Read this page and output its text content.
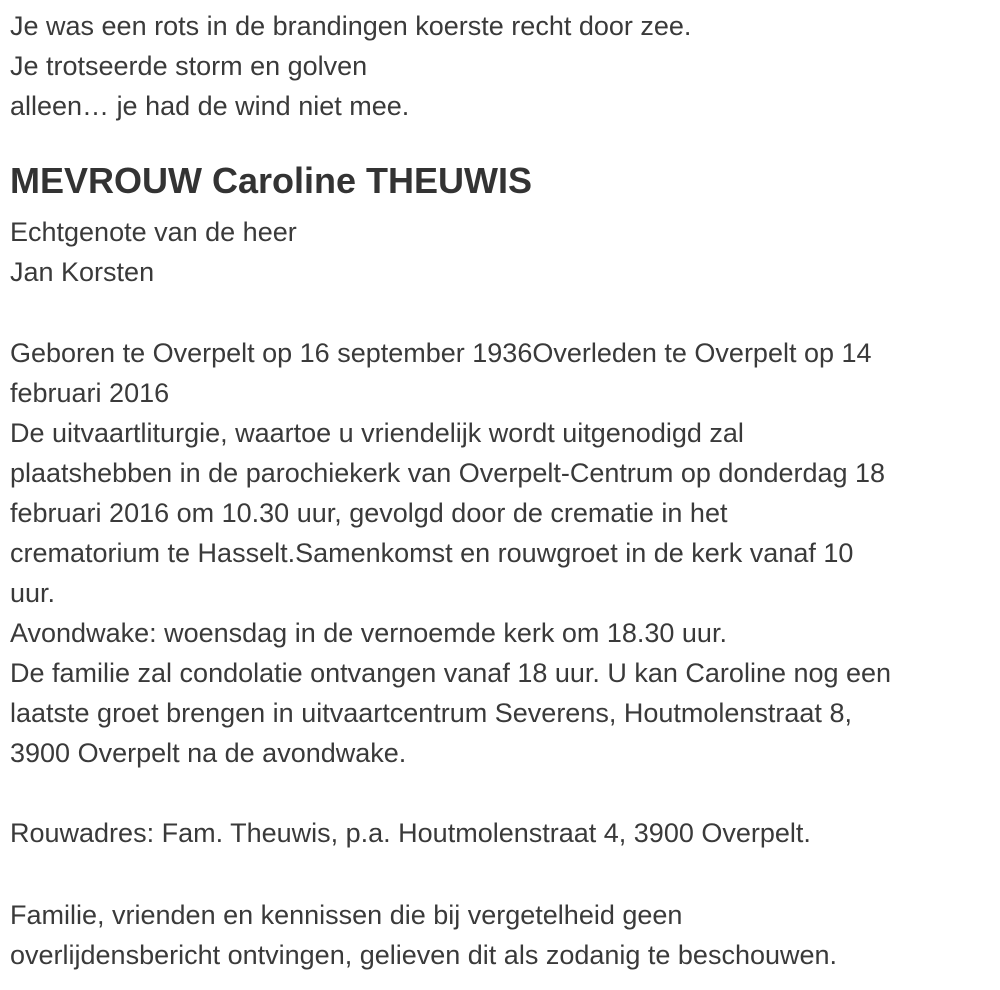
Je was een rots in de brandingen koerste recht door zee.
Je trotseerde storm en golven
alleen… je had de wind niet mee.
MEVROUW Caroline THEUWIS
Echtgenote van de heer
Jan Korsten
Geboren te Overpelt op 16 september 1936Overleden te Overpelt op 14
februari 2016
De uitvaartliturgie, waartoe u vriendelijk wordt uitgenodigd zal
plaatshebben in de parochiekerk van Overpelt-Centrum op donderdag 18
februari 2016 om 10.30 uur, gevolgd door de crematie in het
crematorium te Hasselt.Samenkomst en rouwgroet in de kerk vanaf 10
uur.
Avondwake: woensdag in de vernoemde kerk om 18.30 uur.
De familie zal condolatie ontvangen vanaf 18 uur. U kan Caroline nog een
laatste groet brengen in uitvaartcentrum Severens, Houtmolenstraat 8,
3900 Overpelt na de avondwake.
Rouwadres: Fam. Theuwis, p.a. Houtmolenstraat 4, 3900 Overpelt.
Familie, vrienden en kennissen die bij vergetelheid geen
overlijdensbericht ontvingen, gelieven dit als zodanig te beschouwen.
